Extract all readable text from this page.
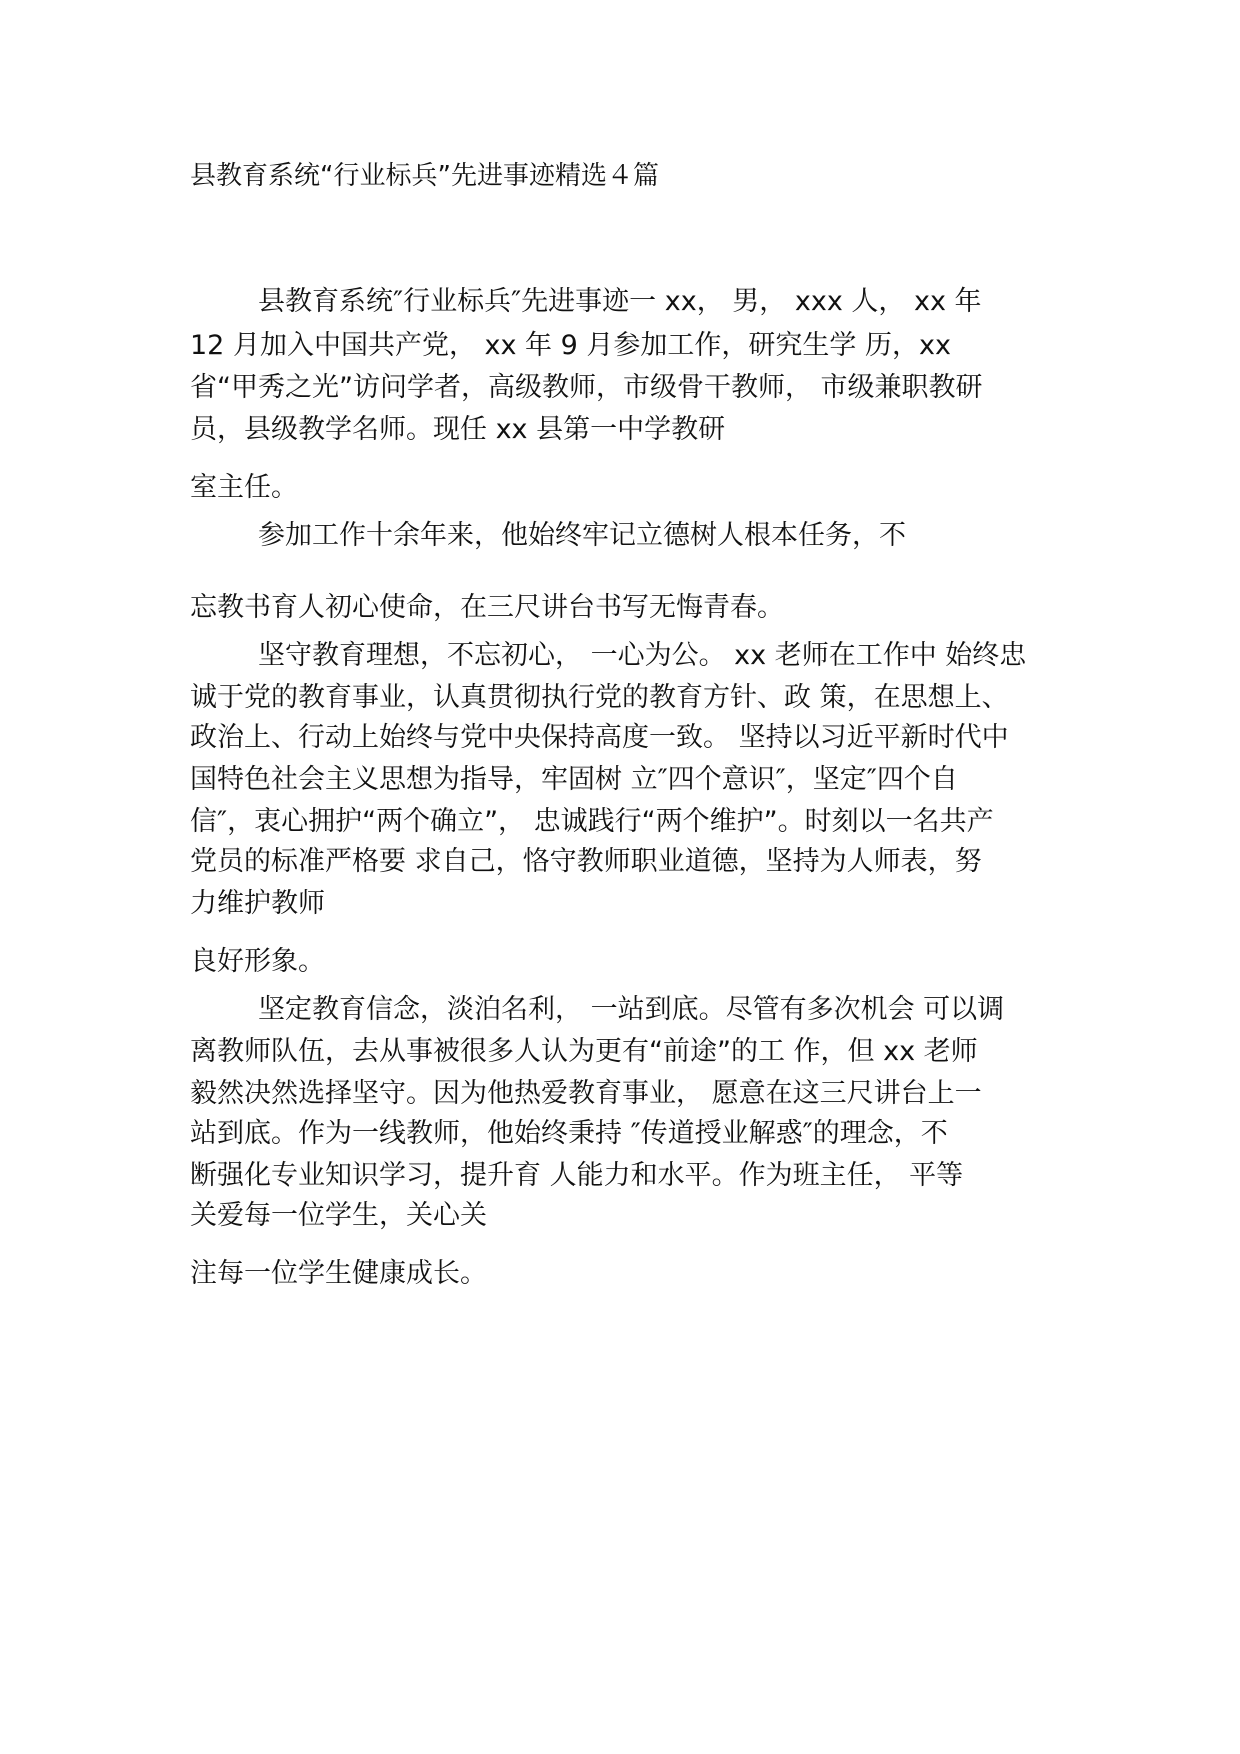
县教育系统“行业标兵”先进事迹精选４篇
县教育系统″行业标兵″先进事迹一 xx， 男， xxx 人， xx 年
12 月加入中国共产党， xx 年 9 月参加工作，研究生学 历，xx
省“甲秀之光”访问学者，高级教师，市级骨干教师， 市级兼职教研
员，县级教学名师。现任 xx 县第一中学教研
室主任。
参加工作十余年来，他始终牢记立德树人根本任务，不
忘教书育人初心使命，在三尺讲台书写无悔青春。
坚守教育理想，不忘初心， 一心为公。 xx 老师在工作中 始终忠
诚于党的教育事业，认真贯彻执行党的教育方针、政 策，在思想上、
政治上、行动上始终与党中央保持高度一致。 坚持以习近平新时代中
国特色社会主义思想为指导，牢固树 立″四个意识″，坚定″四个自
信″，衷心拥护“两个确立”， 忠诚践行“两个维护”。时刻以一名共产
党员的标准严格要 求自己，恪守教师职业道德，坚持为人师表，努
力维护教师
良好形象。
坚定教育信念，淡泊名利， 一站到底。尽管有多次机会 可以调
离教师队伍，去从事被很多人认为更有“前途”的工 作，但 xx 老师
毅然决然选择坚守。因为他热爱教育事业， 愿意在这三尺讲台上一
站到底。作为一线教师，他始终秉持 ″传道授业解惑″的理念，不
断强化专业知识学习，提升育 人能力和水平。作为班主任， 平等
关爱每一位学生，关心关
注每一位学生健康成长。
